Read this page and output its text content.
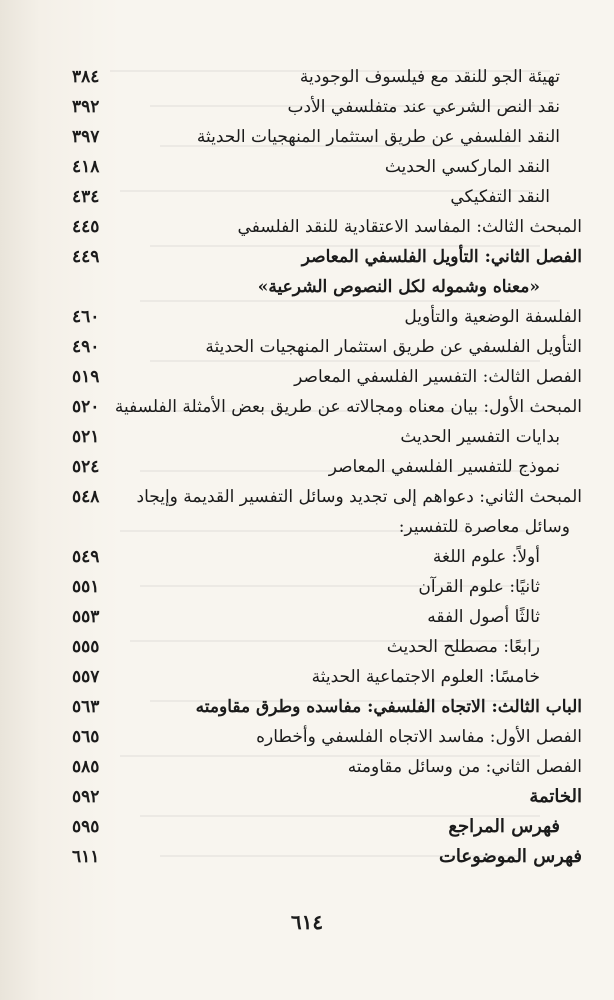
تهيئة الجو للنقد مع فيلسوف الوجودية
٣٨٤
نقد النص الشرعي عند متفلسفي الأدب
٣٩٢
النقد الفلسفي عن طريق استثمار المنهجيات الحديثة
٣٩٧
النقد الماركسي الحديث
٤١٨
النقد التفكيكي
٤٣٤
المبحث الثالث: المفاسد الاعتقادية للنقد الفلسفي
٤٤٥
الفصل الثاني: التأويل الفلسفي المعاصر
٤٤٩
«معناه وشموله لكل النصوص الشرعية»
الفلسفة الوضعية والتأويل
٤٦٠
التأويل الفلسفي عن طريق استثمار المنهجيات الحديثة
٤٩٠
الفصل الثالث: التفسير الفلسفي المعاصر
٥١٩
المبحث الأول: بيان معناه ومجالاته عن طريق بعض الأمثلة الفلسفية
٥٢٠
بدايات التفسير الحديث
٥٢١
نموذج للتفسير الفلسفي المعاصر
٥٢٤
المبحث الثاني: دعواهم إلى تجديد وسائل التفسير القديمة وإيجاد
٥٤٨
وسائل معاصرة للتفسير:
أولاً: علوم اللغة
٥٤٩
ثانيًا: علوم القرآن
٥٥١
ثالثًا أصول الفقه
٥٥٣
رابعًا: مصطلح الحديث
٥٥٥
خامسًا: العلوم الاجتماعية الحديثة
٥٥٧
الباب الثالث: الاتجاه الفلسفي: مفاسده وطرق مقاومته
٥٦٣
الفصل الأول: مفاسد الاتجاه الفلسفي وأخطاره
٥٦٥
الفصل الثاني: من وسائل مقاومته
٥٨٥
الخاتمة
٥٩٢
فهرس المراجع
٥٩٥
فهرس الموضوعات
٦١١
٦١٤
